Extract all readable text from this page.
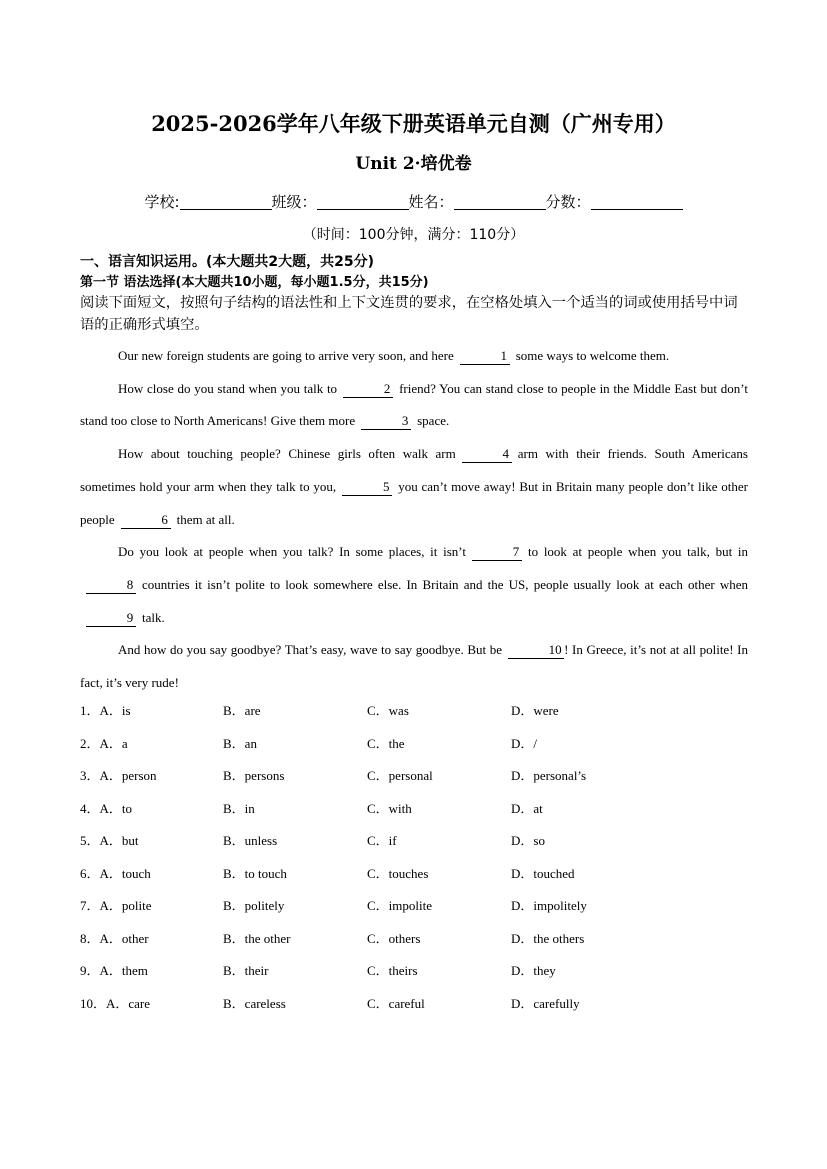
2025-2026学年八年级下册英语单元自测（广州专用）
Unit 2·培优卷
学校:	班级：	姓名：	分数：
（时间：100分钟，满分：110分）
一、语言知识运用。(本大题共2大题，共25分)
第一节 语法选择(本大题共10小题，每小题1.5分，共15分)
阅读下面短文，按照句子结构的语法性和上下文连贯的要求，在空格处填入一个适当的词或使用括号中词语的正确形式填空。

Our new foreign students are going to arrive very soon, and here	1 some ways to welcome them.

How close do you stand when you talk to	2 friend? You can stand close to people in the Middle East but don’t stand too close to North Americans! Give them more	3 space.

How about touching people? Chinese girls often walk arm	4 arm with their friends. South Americans sometimes hold your arm when they talk to you,	5 you can’t move away! But in Britain many people don’t like other people	6 them at all.

Do you look at people when you talk? In some places, it isn’t	7 to look at people when you talk, but in8 countries it isn’t polite to look somewhere else. In Britain and the US, people usually look at each other when9 talk.

And how do you say goodbye? That’s easy, wave to say goodbye. But be	10 ! In Greece, it’s not at all polite! In fact, it’s very rude!

1．A．is	B．are	C．was	D．were
2．A．a	B．an	C．the	D．/
3．A．person	B．persons	C．personal	D．personal’s
4．A．to	B．in	C．with	D．at
5．A．but	B．unless	C．if	D．so
6．A．touch	B．to touch	C．touches	D．touched
7．A．polite	B．politely	C．impolite	D．impolitely
8．A．other	B．the other	C．others	D．the others
9．A．them	B．their	C．theirs	D．they
10．A．care	B．careless	C．careful	D．carefully
